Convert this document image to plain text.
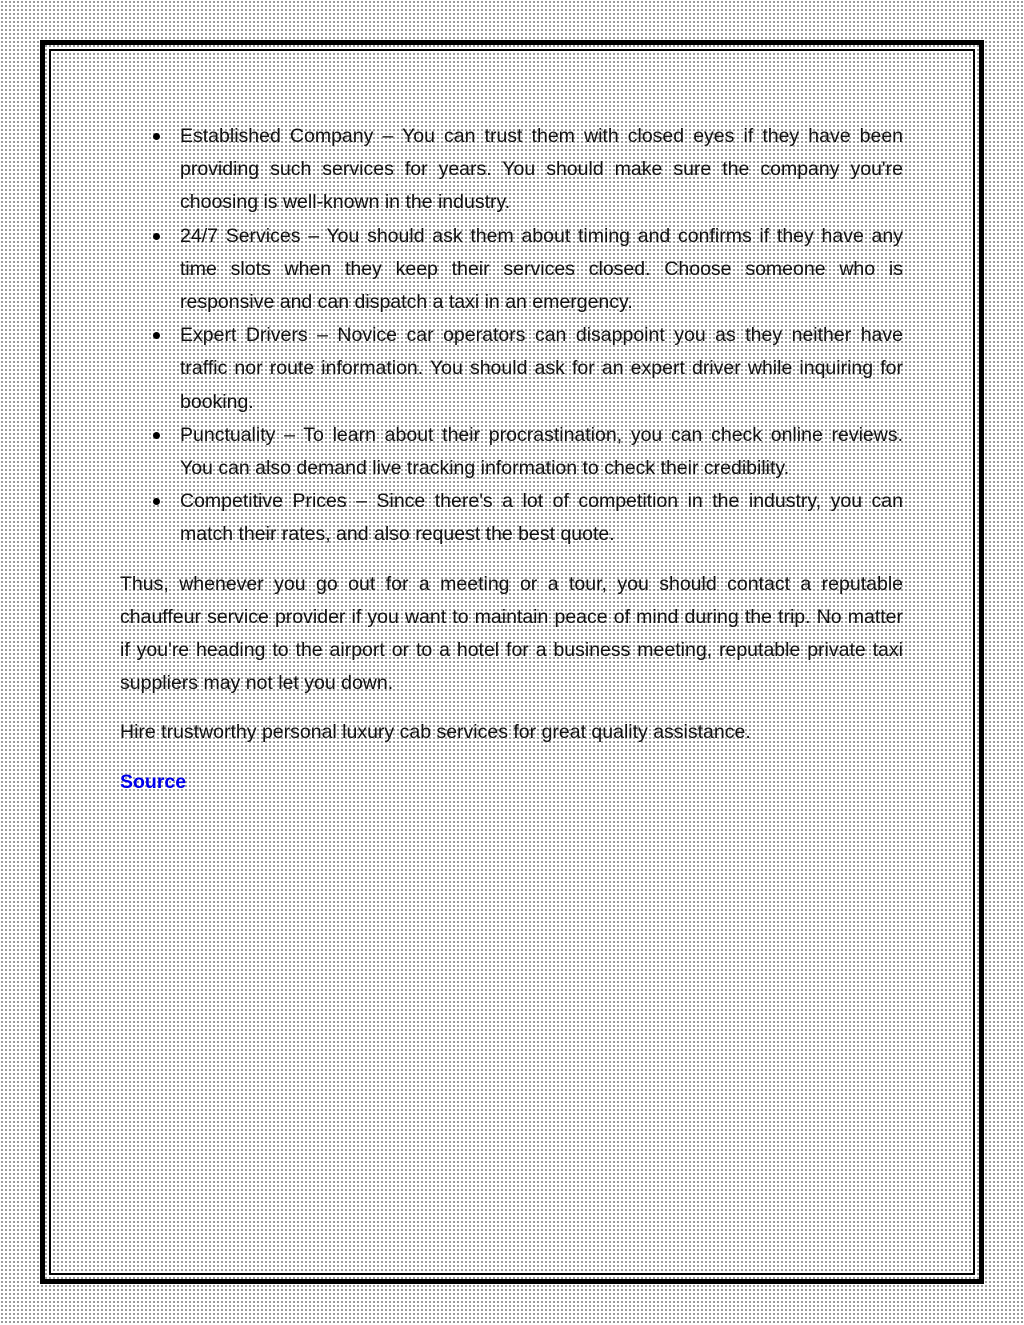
Established Company – You can trust them with closed eyes if they have been providing such services for years. You should make sure the company you're choosing is well-known in the industry.
24/7 Services – You should ask them about timing and confirms if they have any time slots when they keep their services closed. Choose someone who is responsive and can dispatch a taxi in an emergency.
Expert Drivers – Novice car operators can disappoint you as they neither have traffic nor route information. You should ask for an expert driver while inquiring for booking.
Punctuality – To learn about their procrastination, you can check online reviews. You can also demand live tracking information to check their credibility.
Competitive Prices – Since there's a lot of competition in the industry, you can match their rates, and also request the best quote.

Thus, whenever you go out for a meeting or a tour, you should contact a reputable chauffeur service provider if you want to maintain peace of mind during the trip. No matter if you're heading to the airport or to a hotel for a business meeting, reputable private taxi suppliers may not let you down.

Hire trustworthy personal luxury cab services for great quality assistance.

Source
